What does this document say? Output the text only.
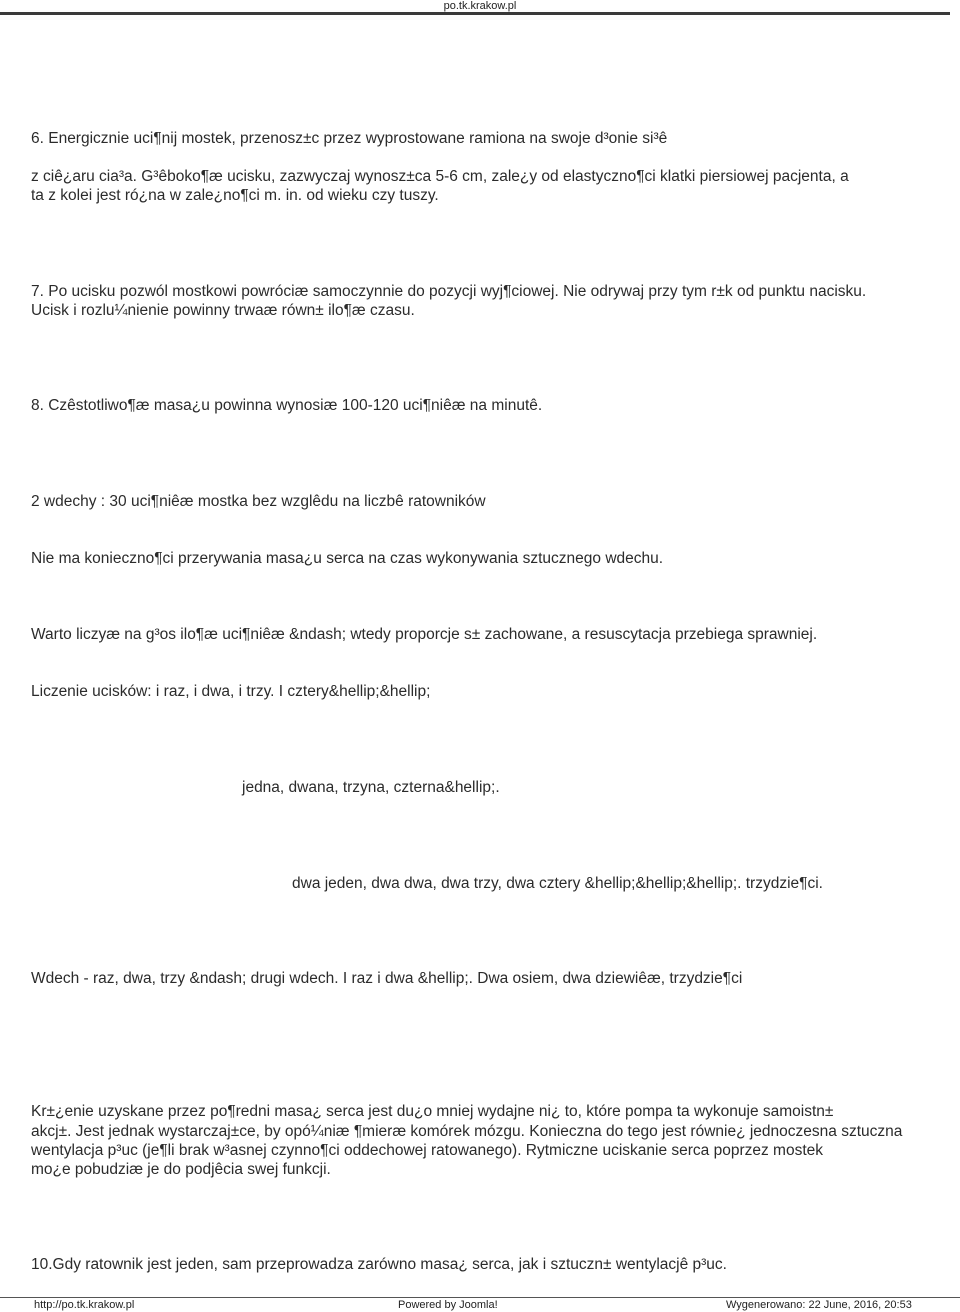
po.tk.krakow.pl
6. Energicznie uci¶nij mostek, przenosz±c przez wyprostowane ramiona na swoje d³onie si³ê
z ciê¿aru cia³a. G³êboko¶æ ucisku, zazwyczaj wynosz±ca 5-6 cm, zale¿y od elastyczno¶ci klatki piersiowej pacjenta, a
ta z kolei jest ró¿na w zale¿no¶ci m. in. od wieku czy tuszy.
7. Po ucisku pozwól mostkowi powróciæ samoczynnie do pozycji wyj¶ciowej. Nie odrywaj przy tym r±k od punktu nacisku.
Ucisk i rozlu¼nienie powinny trwaæ równ± ilo¶æ czasu.
8. Czêstotliwo¶æ masa¿u powinna wynosiæ 100-120 uci¶niêæ na minutê.
2 wdechy : 30 uci¶niêæ mostka bez wzglêdu na liczbê ratowników
Nie ma konieczno¶ci przerywania masa¿u serca na czas wykonywania sztucznego wdechu.
Warto liczyæ na g³os ilo¶æ uci¶niêæ &ndash; wtedy proporcje s± zachowane, a resuscytacja przebiega sprawniej.
Liczenie ucisków: i raz, i dwa, i trzy. I cztery&hellip;&hellip;
jedna, dwana, trzyna, czterna&hellip;.
dwa jeden, dwa dwa, dwa trzy, dwa cztery &hellip;&hellip;&hellip;. trzydzie¶ci.
Wdech - raz, dwa, trzy &ndash; drugi wdech. I raz i dwa &hellip;. Dwa osiem, dwa dziewiêæ, trzydzie¶ci
Kr±¿enie uzyskane przez po¶redni masa¿ serca jest du¿o mniej wydajne ni¿ to, które pompa ta wykonuje samoistn±
akcj±. Jest jednak wystarczaj±ce, by opó¼niæ ¶mieræ komórek mózgu. Konieczna do tego jest równie¿ jednoczesna sztuczna
wentylacja p³uc (je¶li brak w³asnej czynno¶ci oddechowej ratowanego). Rytmiczne uciskanie serca poprzez mostek
mo¿e pobudziæ je do podjêcia swej funkcji.
10.Gdy ratownik jest jeden, sam przeprowadza zarówno masa¿ serca, jak i sztuczn± wentylacjê p³uc.
http://po.tk.krakow.pl	Powered by Joomla!	Wygenerowano: 22 June, 2016, 20:53
